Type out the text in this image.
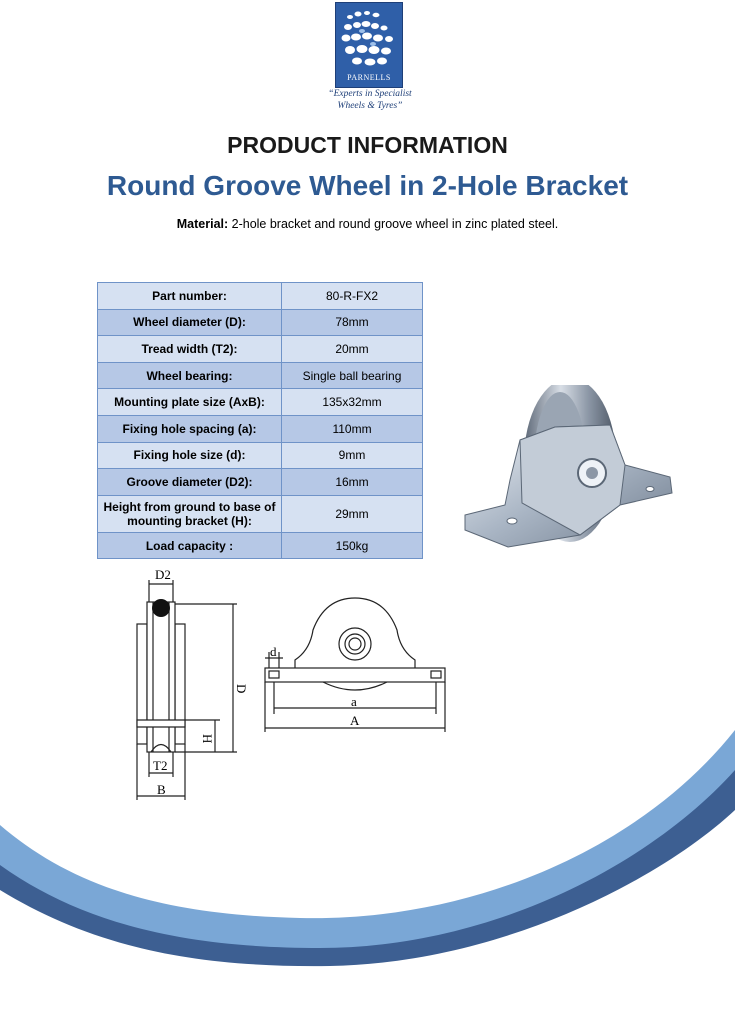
PARNELLS
“Experts in Specialist
Wheels & Tyres”
PRODUCT INFORMATION
Round Groove Wheel in 2-Hole Bracket
Material: 2-hole bracket and round groove wheel in zinc plated steel.
Part number:	80-R-FX2
Wheel diameter (D):	78mm
Tread width (T2):	20mm
Wheel bearing:	Single ball bearing
Mounting plate size (AxB):	135x32mm
Fixing hole spacing (a):	110mm
Fixing hole size (d):	9mm
Groove diameter (D2):	16mm
Height from ground to base of mounting bracket (H):	29mm
Load capacity :	150kg
D2
D
H
T2
B
d
a
A
